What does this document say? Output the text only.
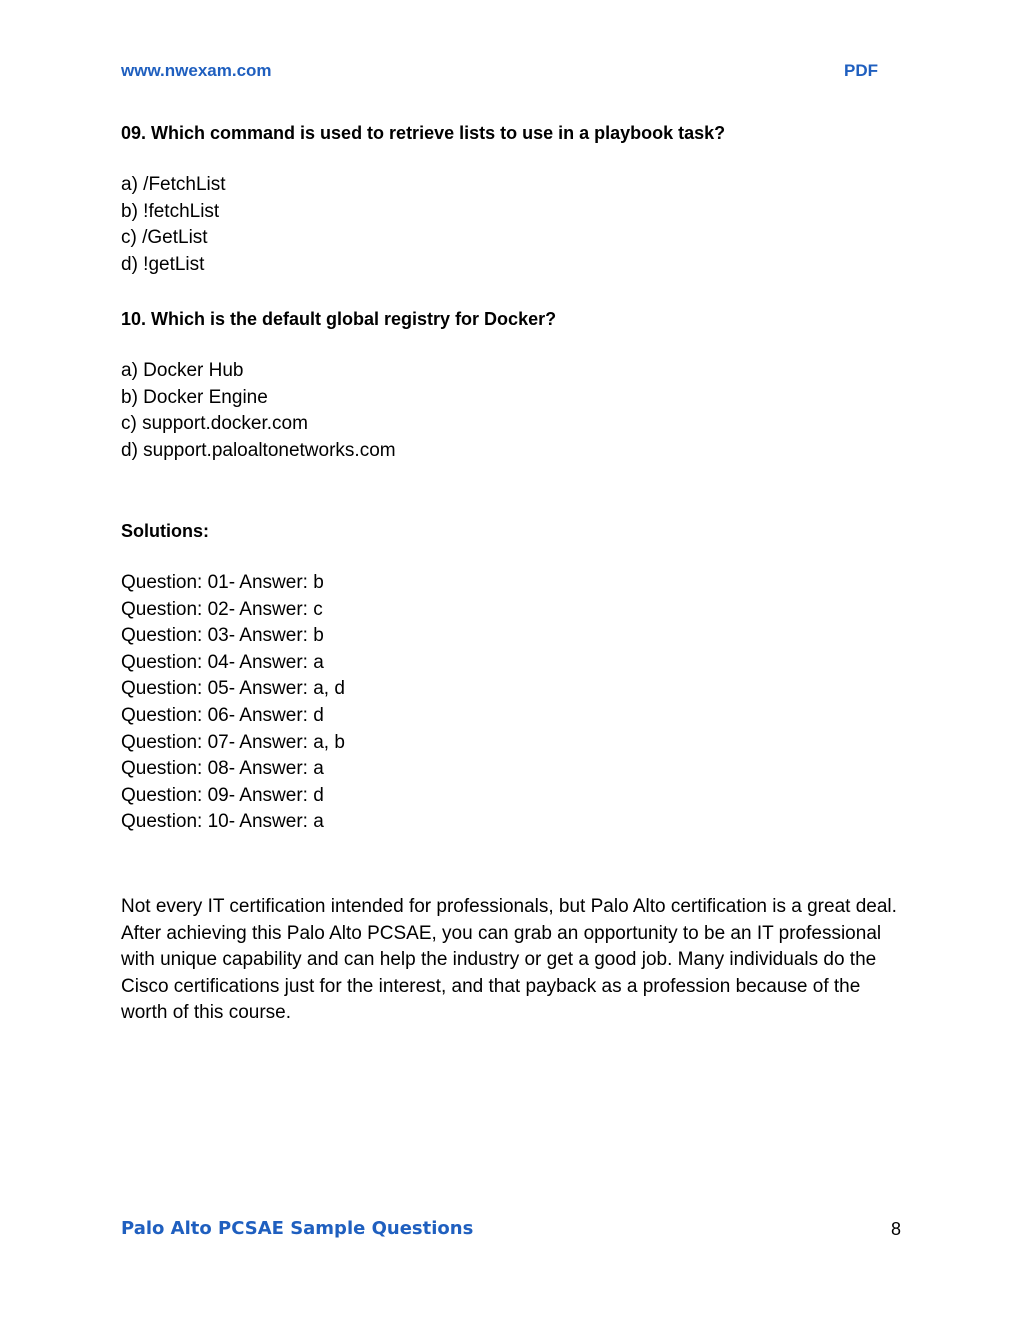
www.nwexam.com	PDF
09. Which command is used to retrieve lists to use in a playbook task?
a) /FetchList
b) !fetchList
c) /GetList
d) !getList
10. Which is the default global registry for Docker?
a) Docker Hub
b) Docker Engine
c) support.docker.com
d) support.paloaltonetworks.com
Solutions:
Question: 01- Answer: b
Question: 02- Answer: c
Question: 03- Answer: b
Question: 04- Answer: a
Question: 05- Answer: a, d
Question: 06- Answer: d
Question: 07- Answer: a, b
Question: 08- Answer: a
Question: 09- Answer: d
Question: 10- Answer: a

Not every IT certification intended for professionals, but Palo Alto certification is a great deal. After achieving this Palo Alto PCSAE, you can grab an opportunity to be an IT professional with unique capability and can help the industry or get a good job. Many individuals do the Cisco certifications just for the interest, and that payback as a profession because of the worth of this course.

Palo Alto PCSAE Sample Questions	8
